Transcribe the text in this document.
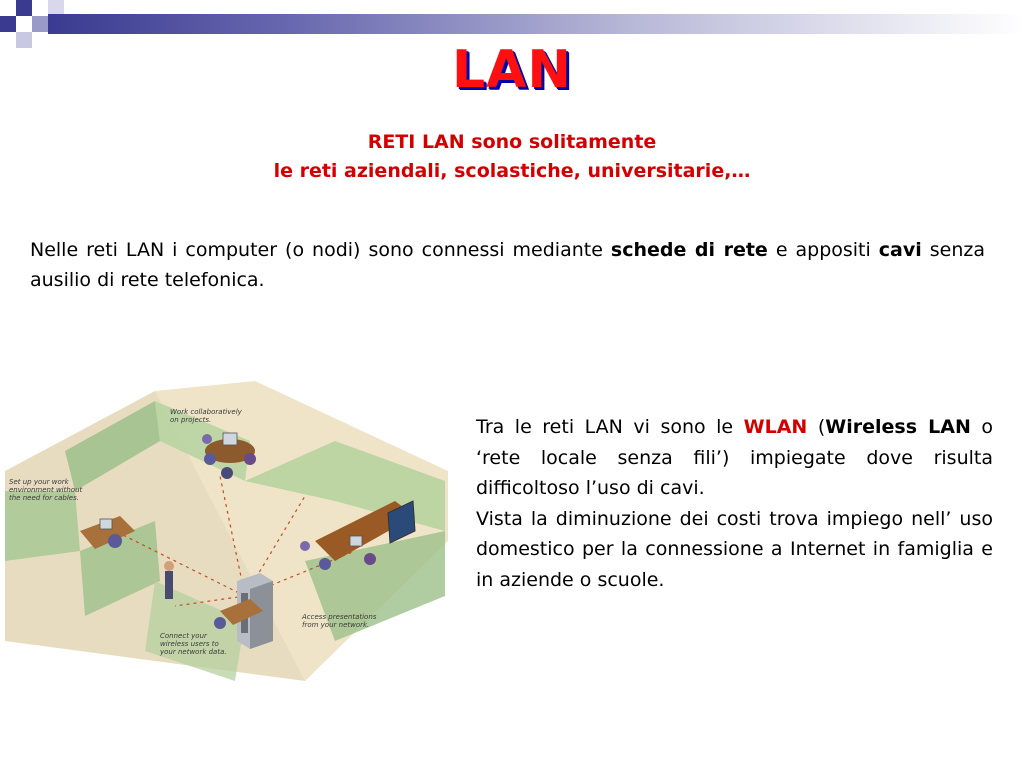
LAN
RETI LAN sono solitamente
le reti aziendali, scolastiche, universitarie,…
Nelle reti LAN i computer (o nodi) sono connessi mediante schede di rete e appositi cavi senza ausilio di rete telefonica.
Work collaboratively on projects.
Set up your work environment without the need for cables.
Access presentations from your network.
Connect your wireless users to your network data.
Tra le reti LAN vi sono le WLAN (Wireless LAN o ‘rete locale senza fili’) impiegate dove risulta difficoltoso l’uso di cavi.
Vista la diminuzione dei costi trova impiego nell’ uso domestico per la connessione a Internet in famiglia e in aziende o scuole.
